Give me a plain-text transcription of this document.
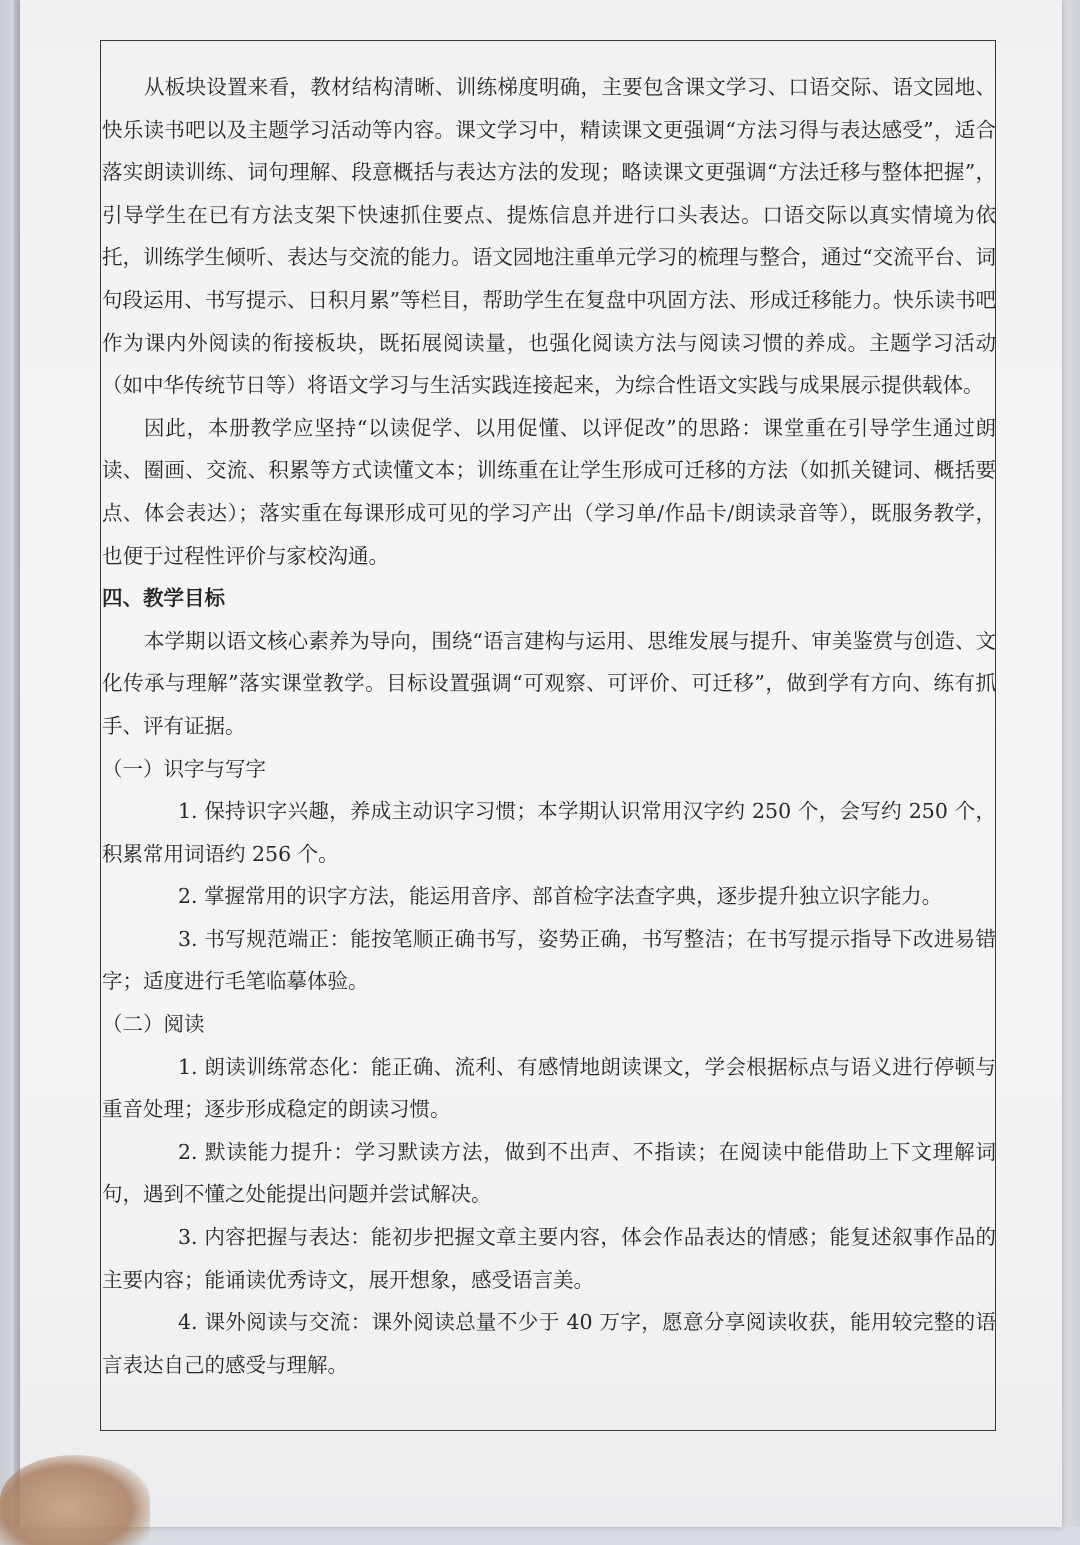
从板块设置来看，教材结构清晰、训练梯度明确，主要包含课文学习、口语交际、语文园地、快乐读书吧以及主题学习活动等内容。课文学习中，精读课文更强调“方法习得与表达感受”，适合落实朗读训练、词句理解、段意概括与表达方法的发现；略读课文更强调“方法迁移与整体把握”，引导学生在已有方法支架下快速抓住要点、提炼信息并进行口头表达。口语交际以真实情境为依托，训练学生倾听、表达与交流的能力。语文园地注重单元学习的梳理与整合，通过“交流平台、词句段运用、书写提示、日积月累”等栏目，帮助学生在复盘中巩固方法、形成迁移能力。快乐读书吧作为课内外阅读的衔接板块，既拓展阅读量，也强化阅读方法与阅读习惯的养成。主题学习活动（如中华传统节日等）将语文学习与生活实践连接起来，为综合性语文实践与成果展示提供载体。

因此，本册教学应坚持“以读促学、以用促懂、以评促改”的思路：课堂重在引导学生通过朗读、圈画、交流、积累等方式读懂文本；训练重在让学生形成可迁移的方法（如抓关键词、概括要点、体会表达）；落实重在每课形成可见的学习产出（学习单/作品卡/朗读录音等），既服务教学，也便于过程性评价与家校沟通。

四、教学目标

本学期以语文核心素养为导向，围绕“语言建构与运用、思维发展与提升、审美鉴赏与创造、文化传承与理解”落实课堂教学。目标设置强调“可观察、可评价、可迁移”，做到学有方向、练有抓手、评有证据。

（一）识字与写字

1. 保持识字兴趣，养成主动识字习惯；本学期认识常用汉字约 250 个，会写约 250 个，积累常用词语约 256 个。

2. 掌握常用的识字方法，能运用音序、部首检字法查字典，逐步提升独立识字能力。

3. 书写规范端正：能按笔顺正确书写，姿势正确，书写整洁；在书写提示指导下改进易错字；适度进行毛笔临摹体验。

（二）阅读

1. 朗读训练常态化：能正确、流利、有感情地朗读课文，学会根据标点与语义进行停顿与重音处理；逐步形成稳定的朗读习惯。

2. 默读能力提升：学习默读方法，做到不出声、不指读；在阅读中能借助上下文理解词句，遇到不懂之处能提出问题并尝试解决。

3. 内容把握与表达：能初步把握文章主要内容，体会作品表达的情感；能复述叙事作品的主要内容；能诵读优秀诗文，展开想象，感受语言美。

4. 课外阅读与交流：课外阅读总量不少于 40 万字，愿意分享阅读收获，能用较完整的语言表达自己的感受与理解。
